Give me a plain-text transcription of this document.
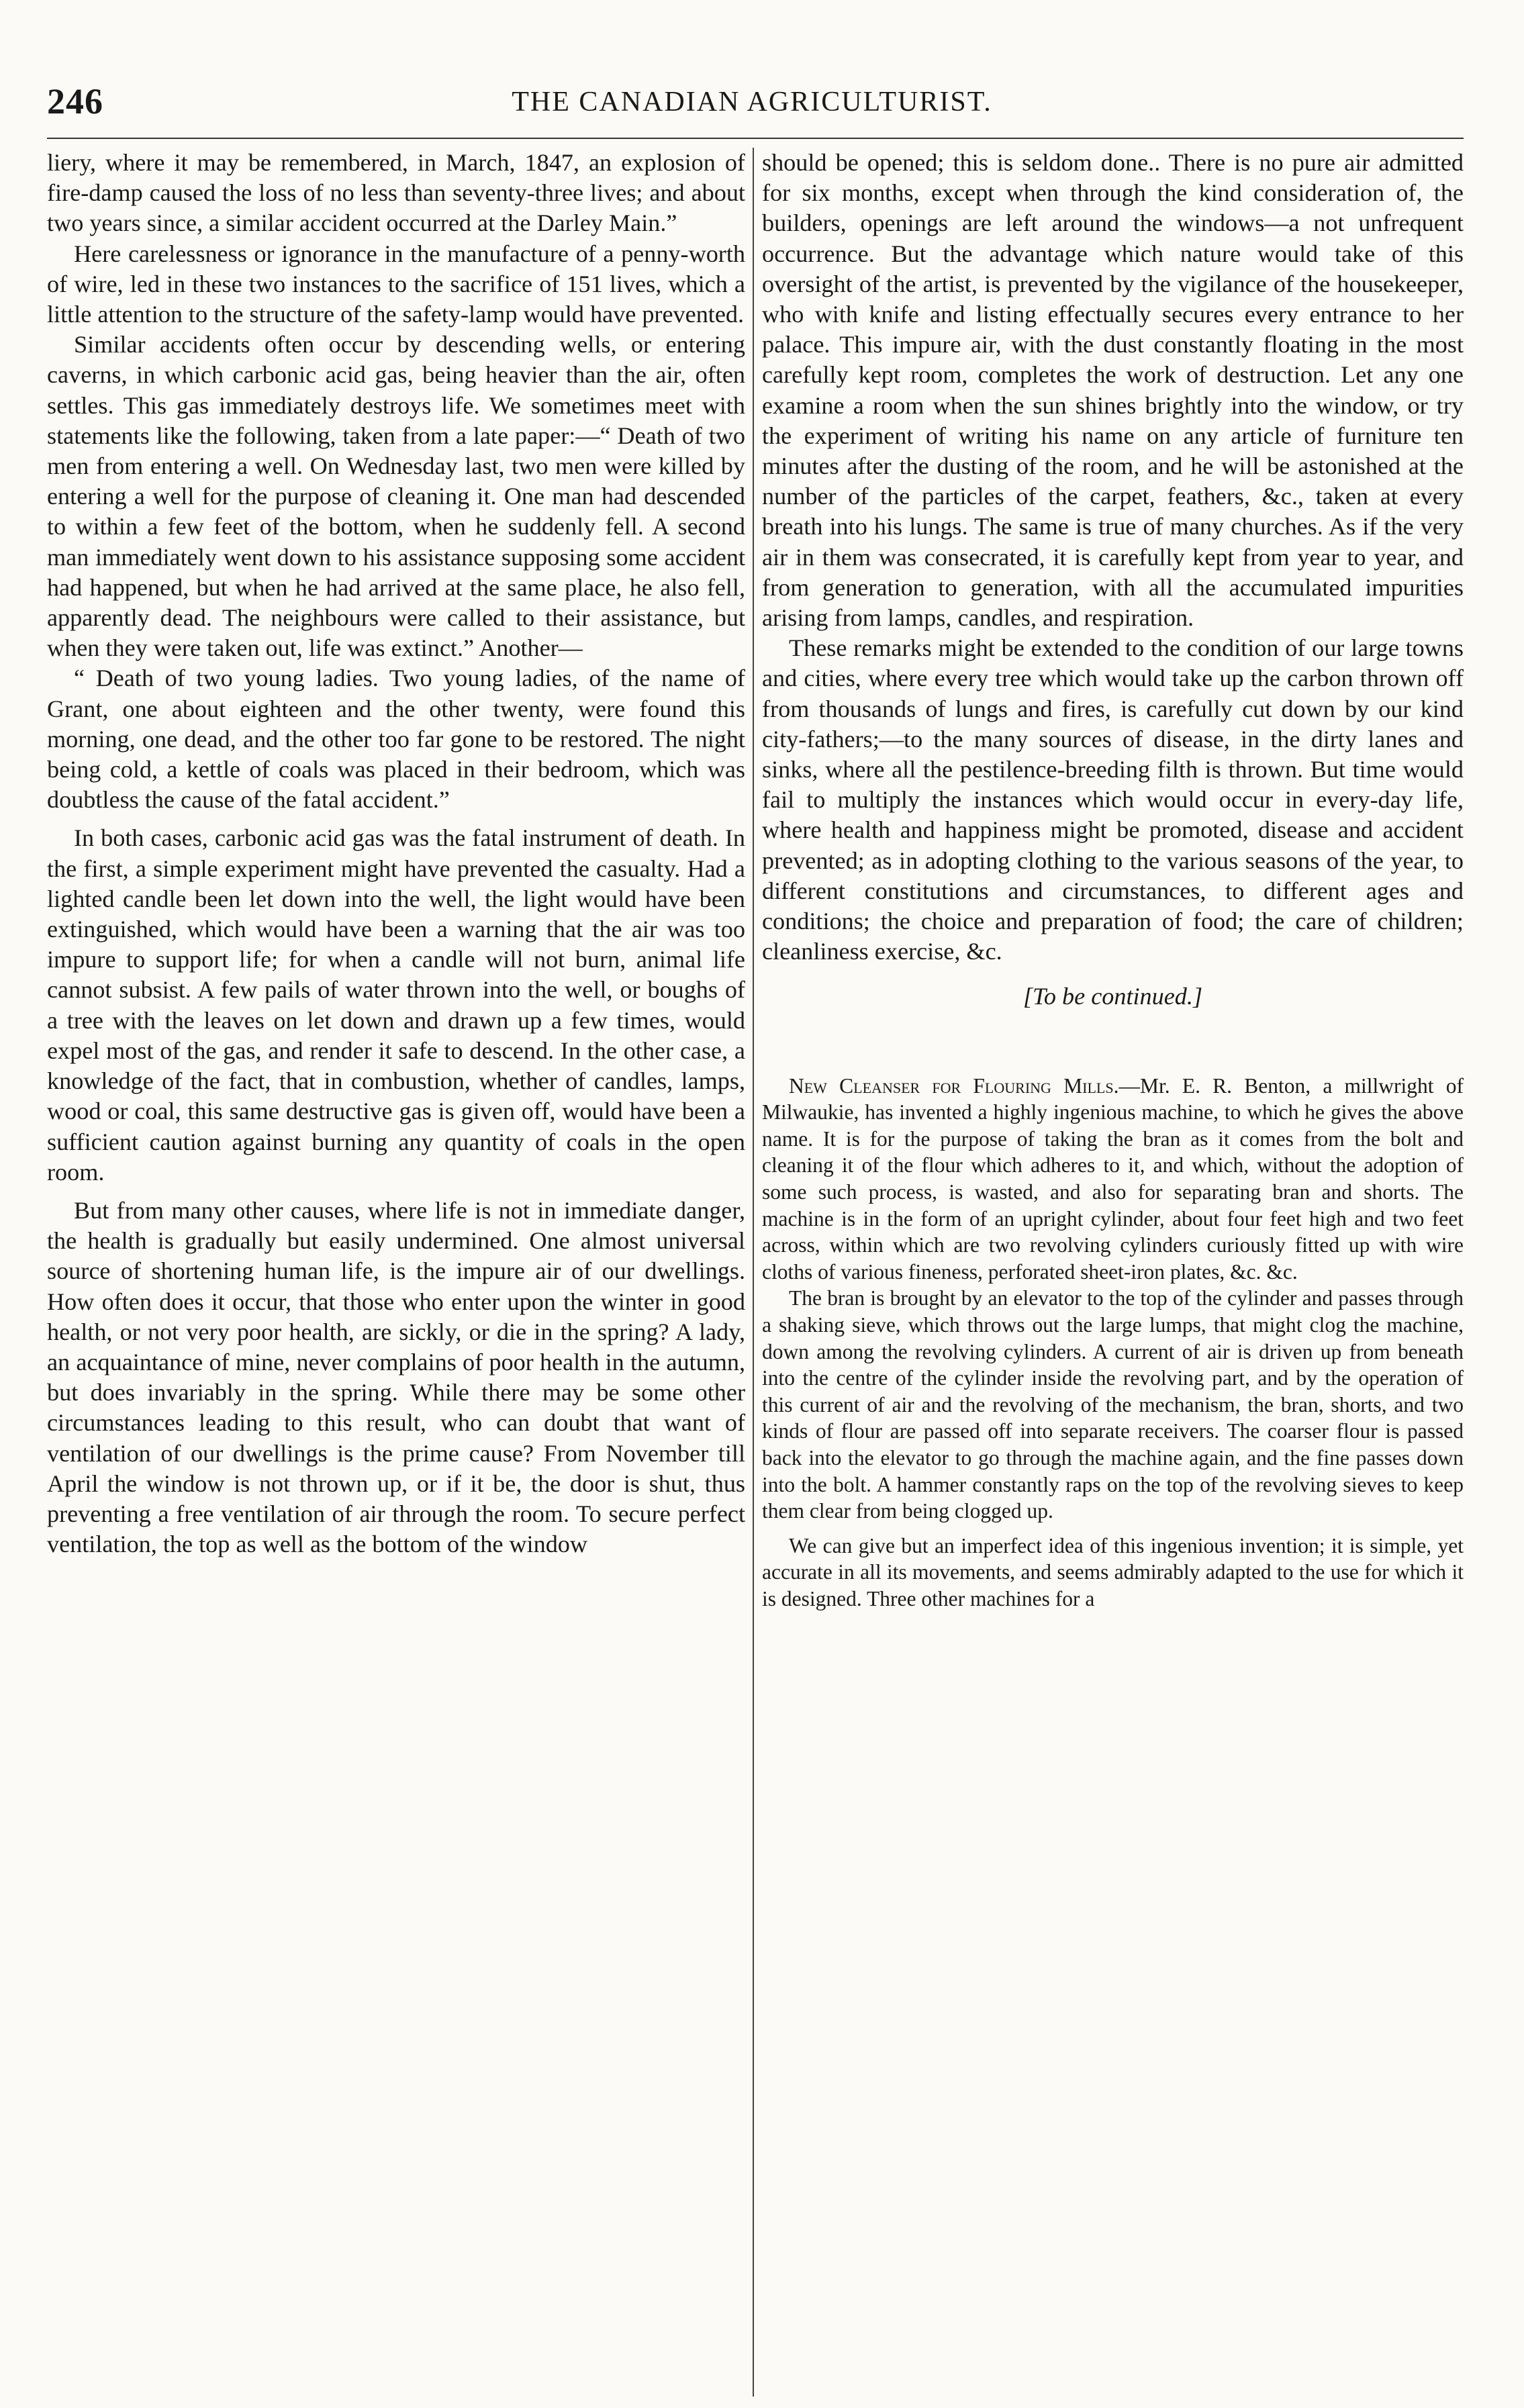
246	THE CANADIAN AGRICULTURIST.

liery, where it may be remembered, in March, 1847, an explosion of fire-damp caused the loss of no less than seventy-three lives; and about two years since, a similar accident occurred at the Darley Main.”

Here carelessness or ignorance in the manufacture of a penny-worth of wire, led in these two instances to the sacrifice of 151 lives, which a little attention to the structure of the safety-lamp would have prevented.

Similar accidents often occur by descending wells, or entering caverns, in which carbonic acid gas, being heavier than the air, often settles. This gas immediately destroys life. We sometimes meet with statements like the following, taken from a late paper:—“ Death of two men from entering a well. On Wednesday last, two men were killed by entering a well for the purpose of cleaning it. One man had descended to within a few feet of the bottom, when he suddenly fell. A second man immediately went down to his assistance supposing some accident had happened, but when he had arrived at the same place, he also fell, apparently dead. The neighbours were called to their assistance, but when they were taken out, life was extinct.” Another—

“ Death of two young ladies. Two young ladies, of the name of Grant, one about eighteen and the other twenty, were found this morning, one dead, and the other too far gone to be restored. The night being cold, a kettle of coals was placed in their bedroom, which was doubtless the cause of the fatal accident.”

In both cases, carbonic acid gas was the fatal instrument of death. In the first, a simple experiment might have prevented the casualty. Had a lighted candle been let down into the well, the light would have been extinguished, which would have been a warning that the air was too impure to support life; for when a candle will not burn, animal life cannot subsist. A few pails of water thrown into the well, or boughs of a tree with the leaves on let down and drawn up a few times, would expel most of the gas, and render it safe to descend. In the other case, a knowledge of the fact, that in combustion, whether of candles, lamps, wood or coal, this same destructive gas is given off, would have been a sufficient caution against burning any quantity of coals in the open room.

But from many other causes, where life is not in immediate danger, the health is gradually but easily undermined. One almost universal source of shortening human life, is the impure air of our dwellings. How often does it occur, that those who enter upon the winter in good health, or not very poor health, are sickly, or die in the spring? A lady, an acquaintance of mine, never complains of poor health in the autumn, but does invariably in the spring. While there may be some other circumstances leading to this result, who can doubt that want of ventilation of our dwellings is the prime cause? From November till April the window is not thrown up, or if it be, the door is shut, thus preventing a free ventilation of air through the room. To secure perfect ventilation, the top as well as the bottom of the window

should be opened; this is seldom done.. There is no pure air admitted for six months, except when through the kind consideration of, the builders, openings are left around the windows—a not unfrequent occurrence. But the advantage which nature would take of this oversight of the artist, is prevented by the vigilance of the housekeeper, who with knife and listing effectually secures every entrance to her palace. This impure air, with the dust constantly floating in the most carefully kept room, completes the work of destruction. Let any one examine a room when the sun shines brightly into the window, or try the experiment of writing his name on any article of furniture ten minutes after the dusting of the room, and he will be astonished at the number of the particles of the carpet, feathers, &c., taken at every breath into his lungs. The same is true of many churches. As if the very air in them was consecrated, it is carefully kept from year to year, and from generation to generation, with all the accumulated impurities arising from lamps, candles, and respiration.

These remarks might be extended to the condition of our large towns and cities, where every tree which would take up the carbon thrown off from thousands of lungs and fires, is carefully cut down by our kind city-fathers;—to the many sources of disease, in the dirty lanes and sinks, where all the pestilence-breeding filth is thrown. But time would fail to multiply the instances which would occur in every-day life, where health and happiness might be promoted, disease and accident prevented; as in adopting clothing to the various seasons of the year, to different constitutions and circumstances, to different ages and conditions; the choice and preparation of food; the care of children; cleanliness exercise, &c.

[To be continued.]

New Cleanser for Flouring Mills.—Mr. E. R. Benton, a millwright of Milwaukie, has invented a highly ingenious machine, to which he gives the above name. It is for the purpose of taking the bran as it comes from the bolt and cleaning it of the flour which adheres to it, and which, without the adoption of some such process, is wasted, and also for separating bran and shorts. The machine is in the form of an upright cylinder, about four feet high and two feet across, within which are two revolving cylinders curiously fitted up with wire cloths of various fineness, perforated sheet-iron plates, &c. &c.

The bran is brought by an elevator to the top of the cylinder and passes through a shaking sieve, which throws out the large lumps, that might clog the machine, down among the revolving cylinders. A current of air is driven up from beneath into the centre of the cylinder inside the revolving part, and by the operation of this current of air and the revolving of the mechanism, the bran, shorts, and two kinds of flour are passed off into separate receivers. The coarser flour is passed back into the elevator to go through the machine again, and the fine passes down into the bolt. A hammer constantly raps on the top of the revolving sieves to keep them clear from being clogged up.

We can give but an imperfect idea of this ingenious invention; it is simple, yet accurate in all its movements, and seems admirably adapted to the use for which it is designed. Three other machines for a
